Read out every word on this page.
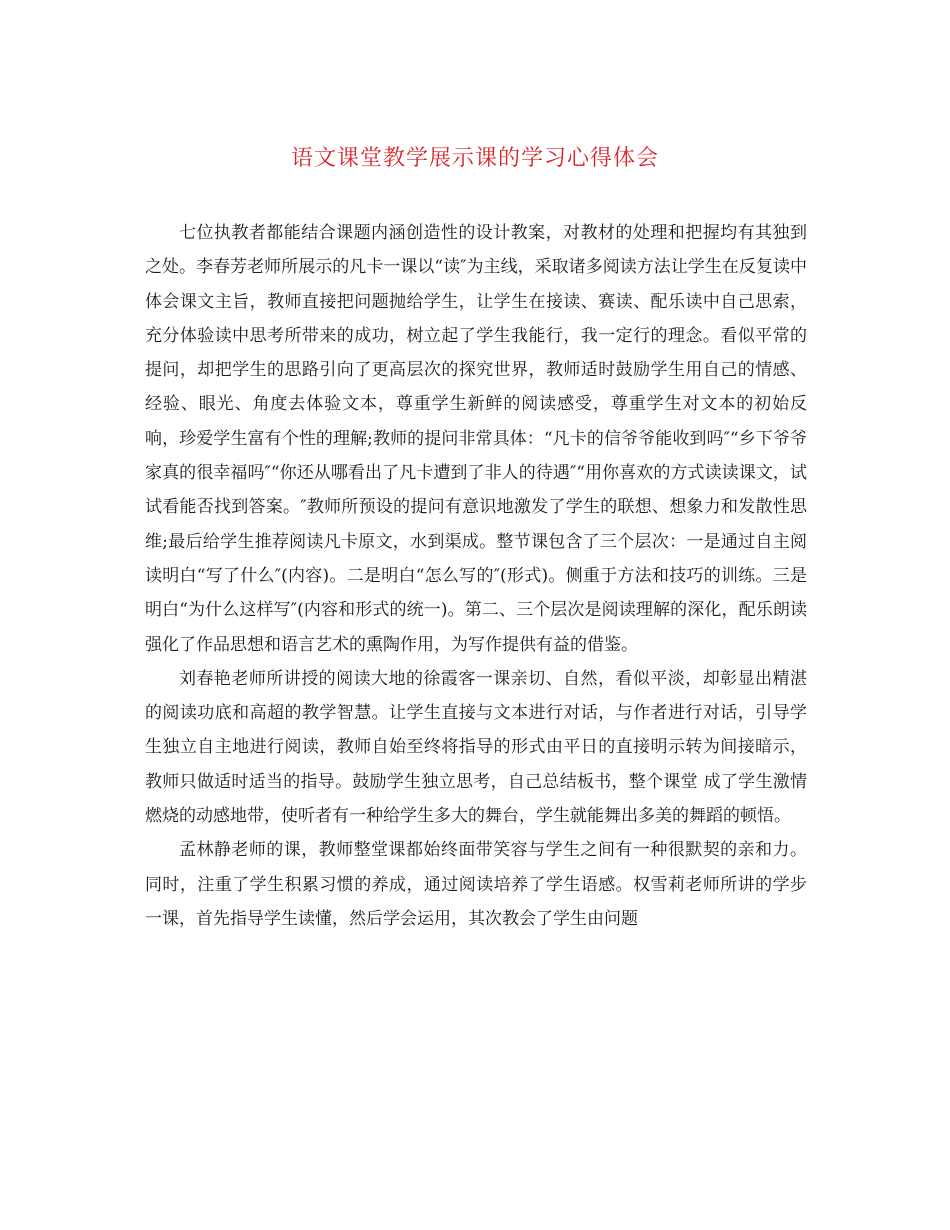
语文课堂教学展示课的学习心得体会

七位执教者都能结合课题内涵创造性的设计教案，对教材的处理和把握均有其独到之处。李春芳老师所展示的凡卡一课以“读″为主线，采取诸多阅读方法让学生在反复读中体会课文主旨，教师直接把问题抛给学生，让学生在接读、赛读、配乐读中自己思索，充分体验读中思考所带来的成功，树立起了学生我能行，我一定行的理念。看似平常的提问，却把学生的思路引向了更高层次的探究世界，教师适时鼓励学生用自己的情感、经验、眼光、角度去体验文本，尊重学生新鲜的阅读感受，尊重学生对文本的初始反响，珍爱学生富有个性的理解;教师的提问非常具体：“凡卡的信爷爷能收到吗″“乡下爷爷家真的很幸福吗″“你还从哪看出了凡卡遭到了非人的待遇″“用你喜欢的方式读读课文，试试看能否找到答案。″教师所预设的提问有意识地激发了学生的联想、想象力和发散性思维;最后给学生推荐阅读凡卡原文，水到渠成。整节课包含了三个层次：一是通过自主阅读明白“写了什么″(内容)。二是明白“怎么写的″(形式)。侧重于方法和技巧的训练。三是明白“为什么这样写″(内容和形式的统一)。第二、三个层次是阅读理解的深化，配乐朗读强化了作品思想和语言艺术的熏陶作用，为写作提供有益的借鉴。

刘春艳老师所讲授的阅读大地的徐霞客一课亲切、自然，看似平淡，却彰显出精湛的阅读功底和高超的教学智慧。让学生直接与文本进行对话，与作者进行对话，引导学生独立自主地进行阅读，教师自始至终将指导的形式由平日的直接明示转为间接暗示，教师只做适时适当的指导。鼓励学生独立思考，自己总结板书，整个课堂 成了学生激情燃烧的动感地带，使听者有一种给学生多大的舞台，学生就能舞出多美的舞蹈的顿悟。

孟林静老师的课，教师整堂课都始终面带笑容与学生之间有一种很默契的亲和力。同时，注重了学生积累习惯的养成，通过阅读培养了学生语感。权雪莉老师所讲的学步一课，首先指导学生读懂，然后学会运用，其次教会了学生由问题
